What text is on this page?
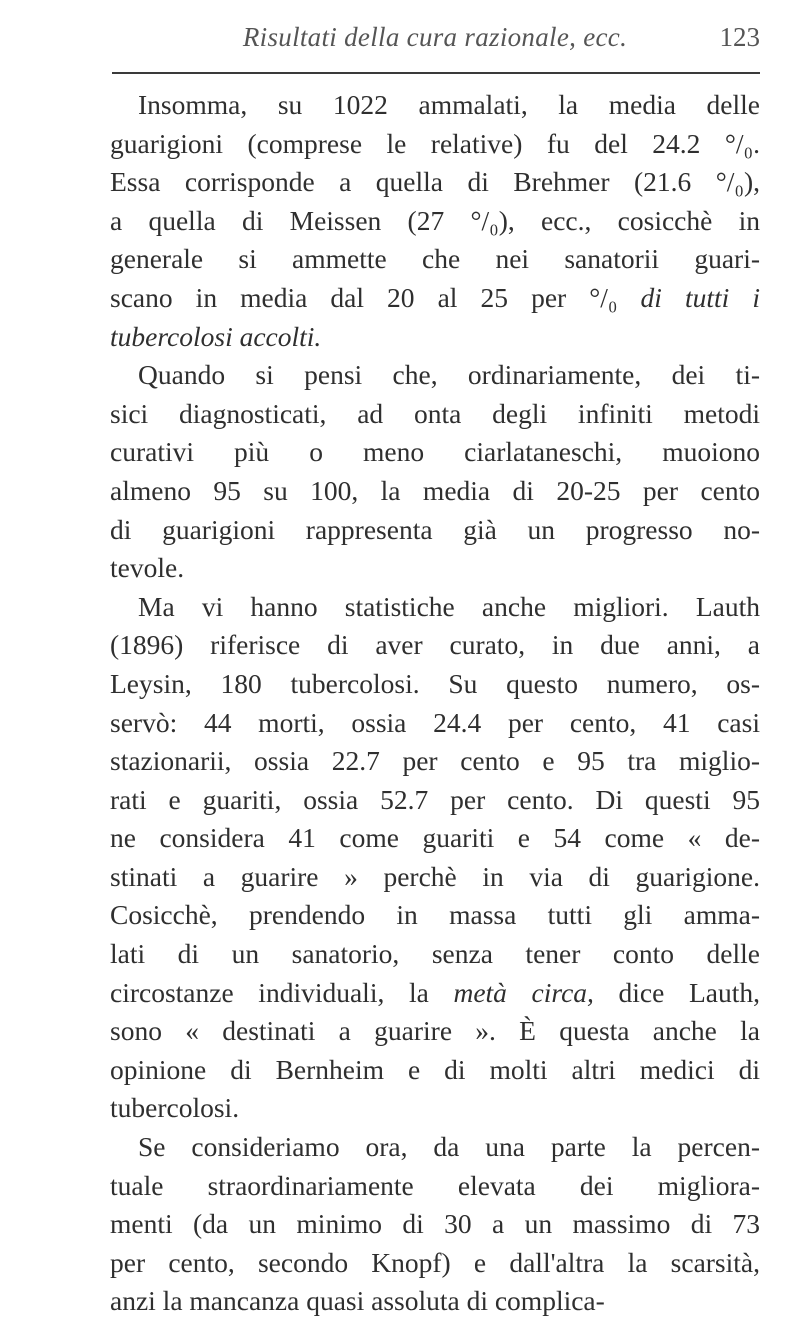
Risultati della cura razionale, ecc.	123
Insomma, su 1022 ammalati, la media delle
guarigioni (comprese le relative) fu del 24.2 °/₀.
Essa corrisponde a quella di Brehmer (21.6 °/₀),
a quella di Meissen (27 °/₀), ecc., cosicchè in
generale si ammette che nei sanatorii guari-
scano in media dal 20 al 25 per °/₀ di tutti i
tubercolosi accolti.
Quando si pensi che, ordinariamente, dei ti-
sici diagnosticati, ad onta degli infiniti metodi
curativi più o meno ciarlataneschi, muoiono
almeno 95 su 100, la media di 20-25 per cento
di guarigioni rappresenta già un progresso no-
tevole.
Ma vi hanno statistiche anche migliori. Lauth
(1896) riferisce di aver curato, in due anni, a
Leysin, 180 tubercolosi. Su questo numero, os-
servò: 44 morti, ossia 24.4 per cento, 41 casi
stazionarii, ossia 22.7 per cento e 95 tra miglio-
rati e guariti, ossia 52.7 per cento. Di questi 95
ne considera 41 come guariti e 54 come « de-
stinati a guarire » perchè in via di guarigione.
Cosicchè, prendendo in massa tutti gli amma-
lati di un sanatorio, senza tener conto delle
circostanze individuali, la metà circa, dice Lauth,
sono « destinati a guarire ». È questa anche la
opinione di Bernheim e di molti altri medici di
tubercolosi.
Se consideriamo ora, da una parte la percen-
tuale straordinariamente elevata dei migliora-
menti (da un minimo di 30 a un massimo di 73
per cento, secondo Knopf) e dall'altra la scarsità,
anzi la mancanza quasi assoluta di complica-
